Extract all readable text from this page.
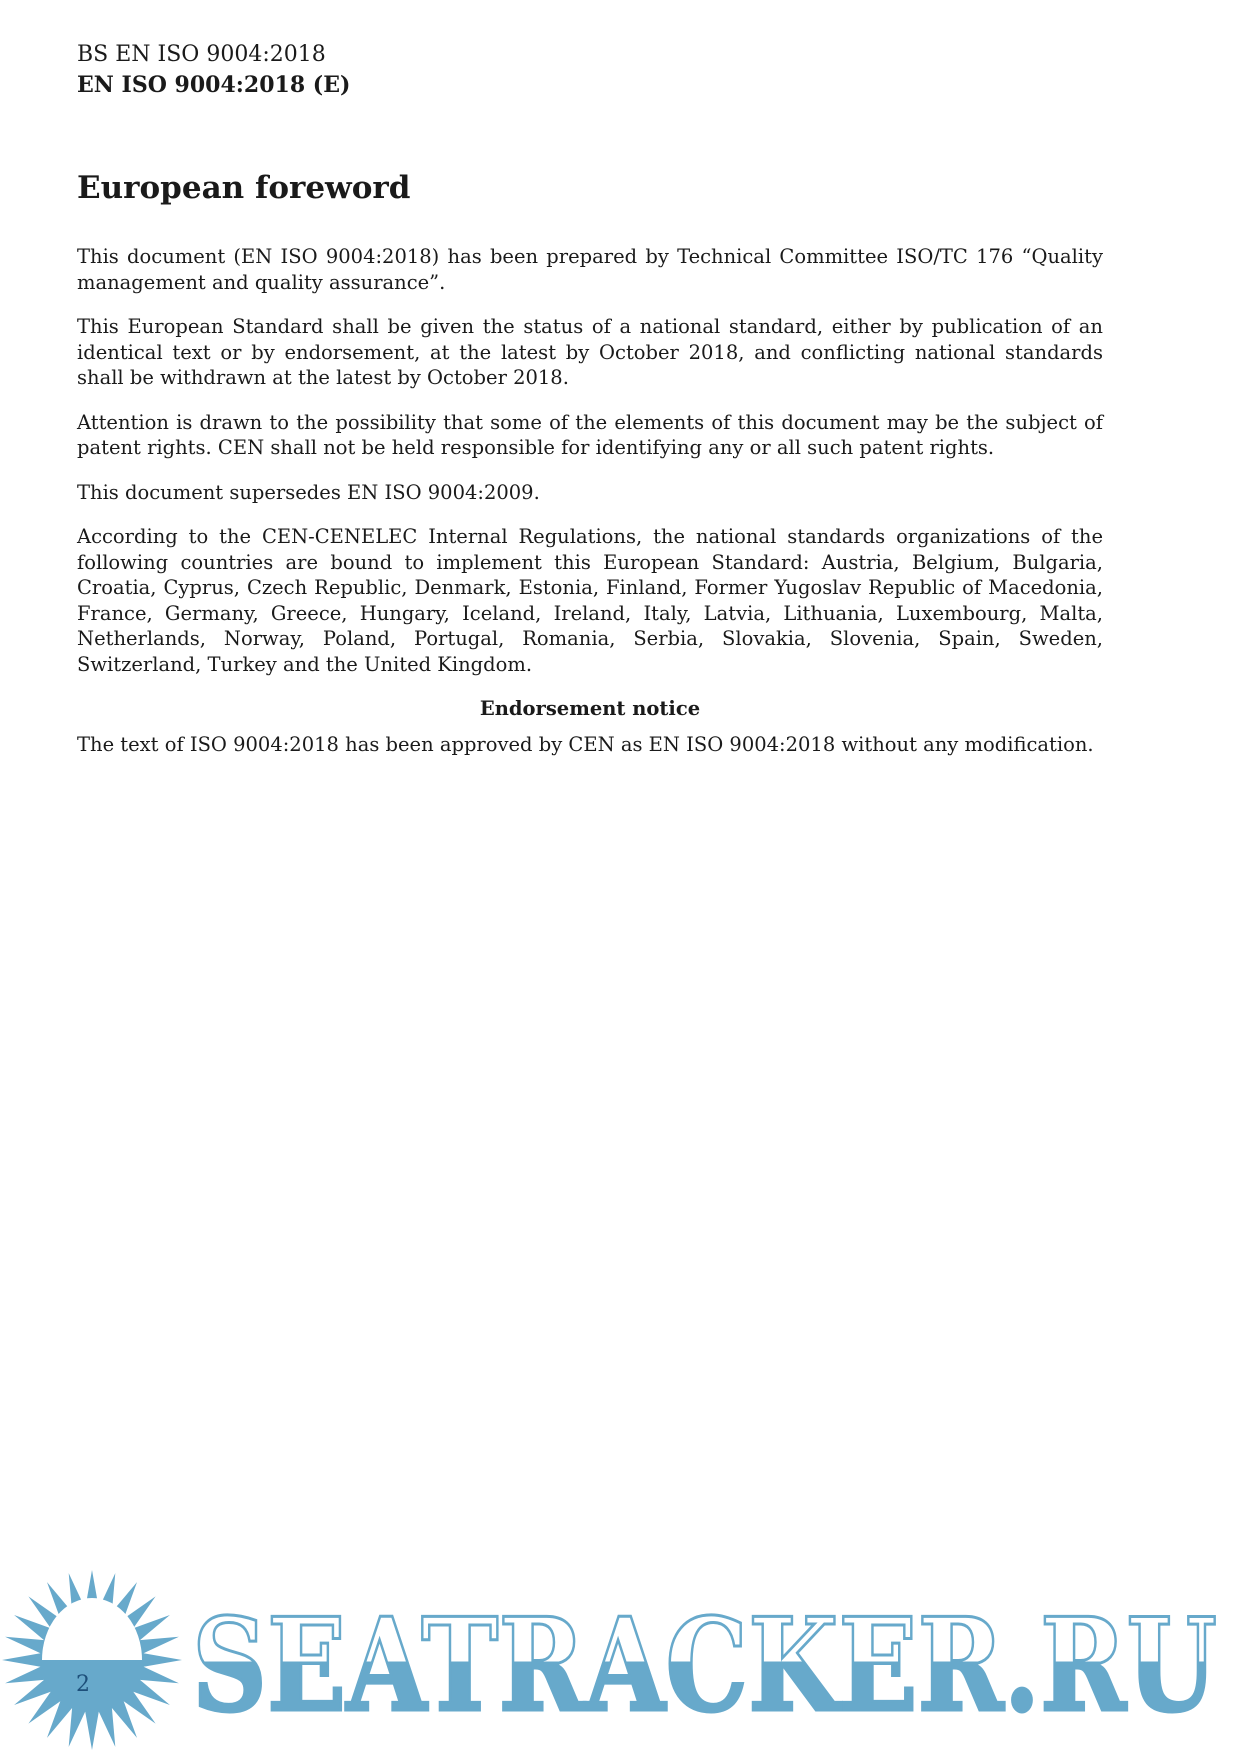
BS EN ISO 9004:2018
EN ISO 9004:2018 (E)
European foreword

This document (EN ISO 9004:2018) has been prepared by Technical Committee ISO/TC 176 “Quality management and quality assurance”.

This European Standard shall be given the status of a national standard, either by publication of an identical text or by endorsement, at the latest by October 2018, and conflicting national standards shall be withdrawn at the latest by October 2018.

Attention is drawn to the possibility that some of the elements of this document may be the subject of patent rights. CEN shall not be held responsible for identifying any or all such patent rights.

This document supersedes EN ISO 9004:2009.

According to the CEN-CENELEC Internal Regulations, the national standards organizations of the following countries are bound to implement this European Standard: Austria, Belgium, Bulgaria, Croatia, Cyprus, Czech Republic, Denmark, Estonia, Finland, Former Yugoslav Republic of Macedonia, France, Germany, Greece, Hungary, Iceland, Ireland, Italy, Latvia, Lithuania, Luxembourg, Malta, Netherlands, Norway, Poland, Portugal, Romania, Serbia, Slovakia, Slovenia, Spain, Sweden, Switzerland, Turkey and the United Kingdom.

Endorsement notice

The text of ISO 9004:2018 has been approved by CEN as EN ISO 9004:2018 without any modification.

SEATRACKER.RU
2
